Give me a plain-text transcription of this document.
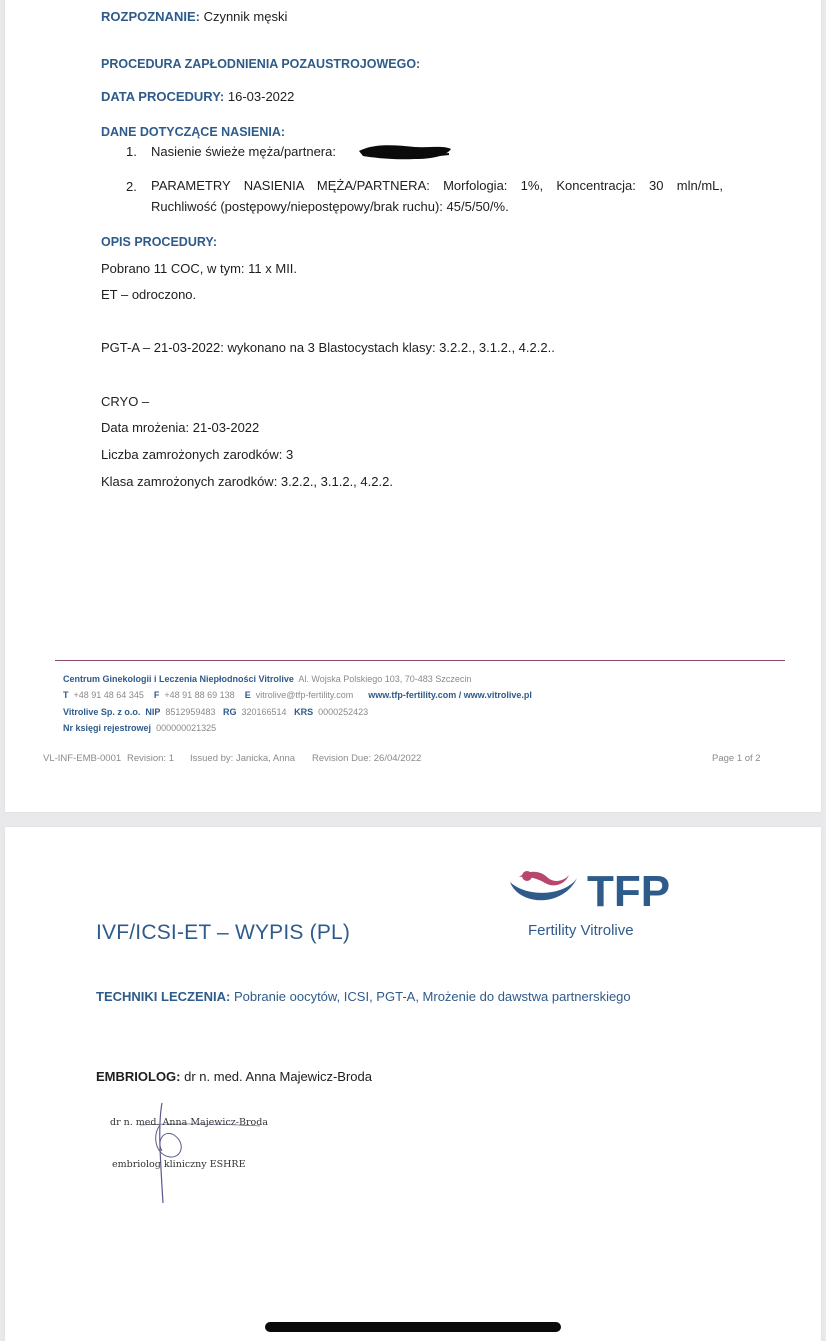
ROZPOZNANIE: Czynnik męski
PROCEDURA ZAPŁODNIENIA POZAUSTROJOWEGO:
DATA PROCEDURY: 16-03-2022
DANE DOTYCZĄCE NASIENIA:
1. Nasienie świeże męża/partnera:
2. PARAMETRY NASIENIA MĘŻA/PARTNERA: Morfologia: 1%, Koncentracja: 30 mln/mL, Ruchliwość (postępowy/niepostępowy/brak ruchu): 45/5/50/%.
OPIS PROCEDURY:
Pobrano 11 COC, w tym: 11 x MII.
ET – odroczono.
PGT-A – 21-03-2022: wykonano na 3 Blastocystach klasy: 3.2.2., 3.1.2., 4.2.2..
CRYO –
Data mrożenia: 21-03-2022
Liczba zamrożonych zarodków: 3
Klasa zamrożonych zarodków: 3.2.2., 3.1.2., 4.2.2.
Centrum Ginekologii i Leczenia Niepłodności Vitrolive Al. Wojska Polskiego 103, 70-483 Szczecin
T +48 91 48 64 345 F +48 91 88 69 138 E vitrolive@tfp-fertility.com www.tfp-fertility.com / www.vitrolive.pl
Vitrolive Sp. z o.o. NIP 8512959483 RG 320166514 KRS 0000252423
Nr księgi rejestrowej 000000021325
VL-INF-EMB-0001 Revision: 1 Issued by: Janicka, Anna Revision Due: 26/04/2022	Page 1 of 2
TFP
Fertility Vitrolive
IVF/ICSI-ET – WYPIS (PL)
TECHNIKI LECZENIA: Pobranie oocytów, ICSI, PGT-A, Mrożenie do dawstwa partnerskiego
EMBRIOLOG: dr n. med. Anna Majewicz-Broda
dr n. med. Anna Majewicz-Broda
embriolog kliniczny ESHRE
